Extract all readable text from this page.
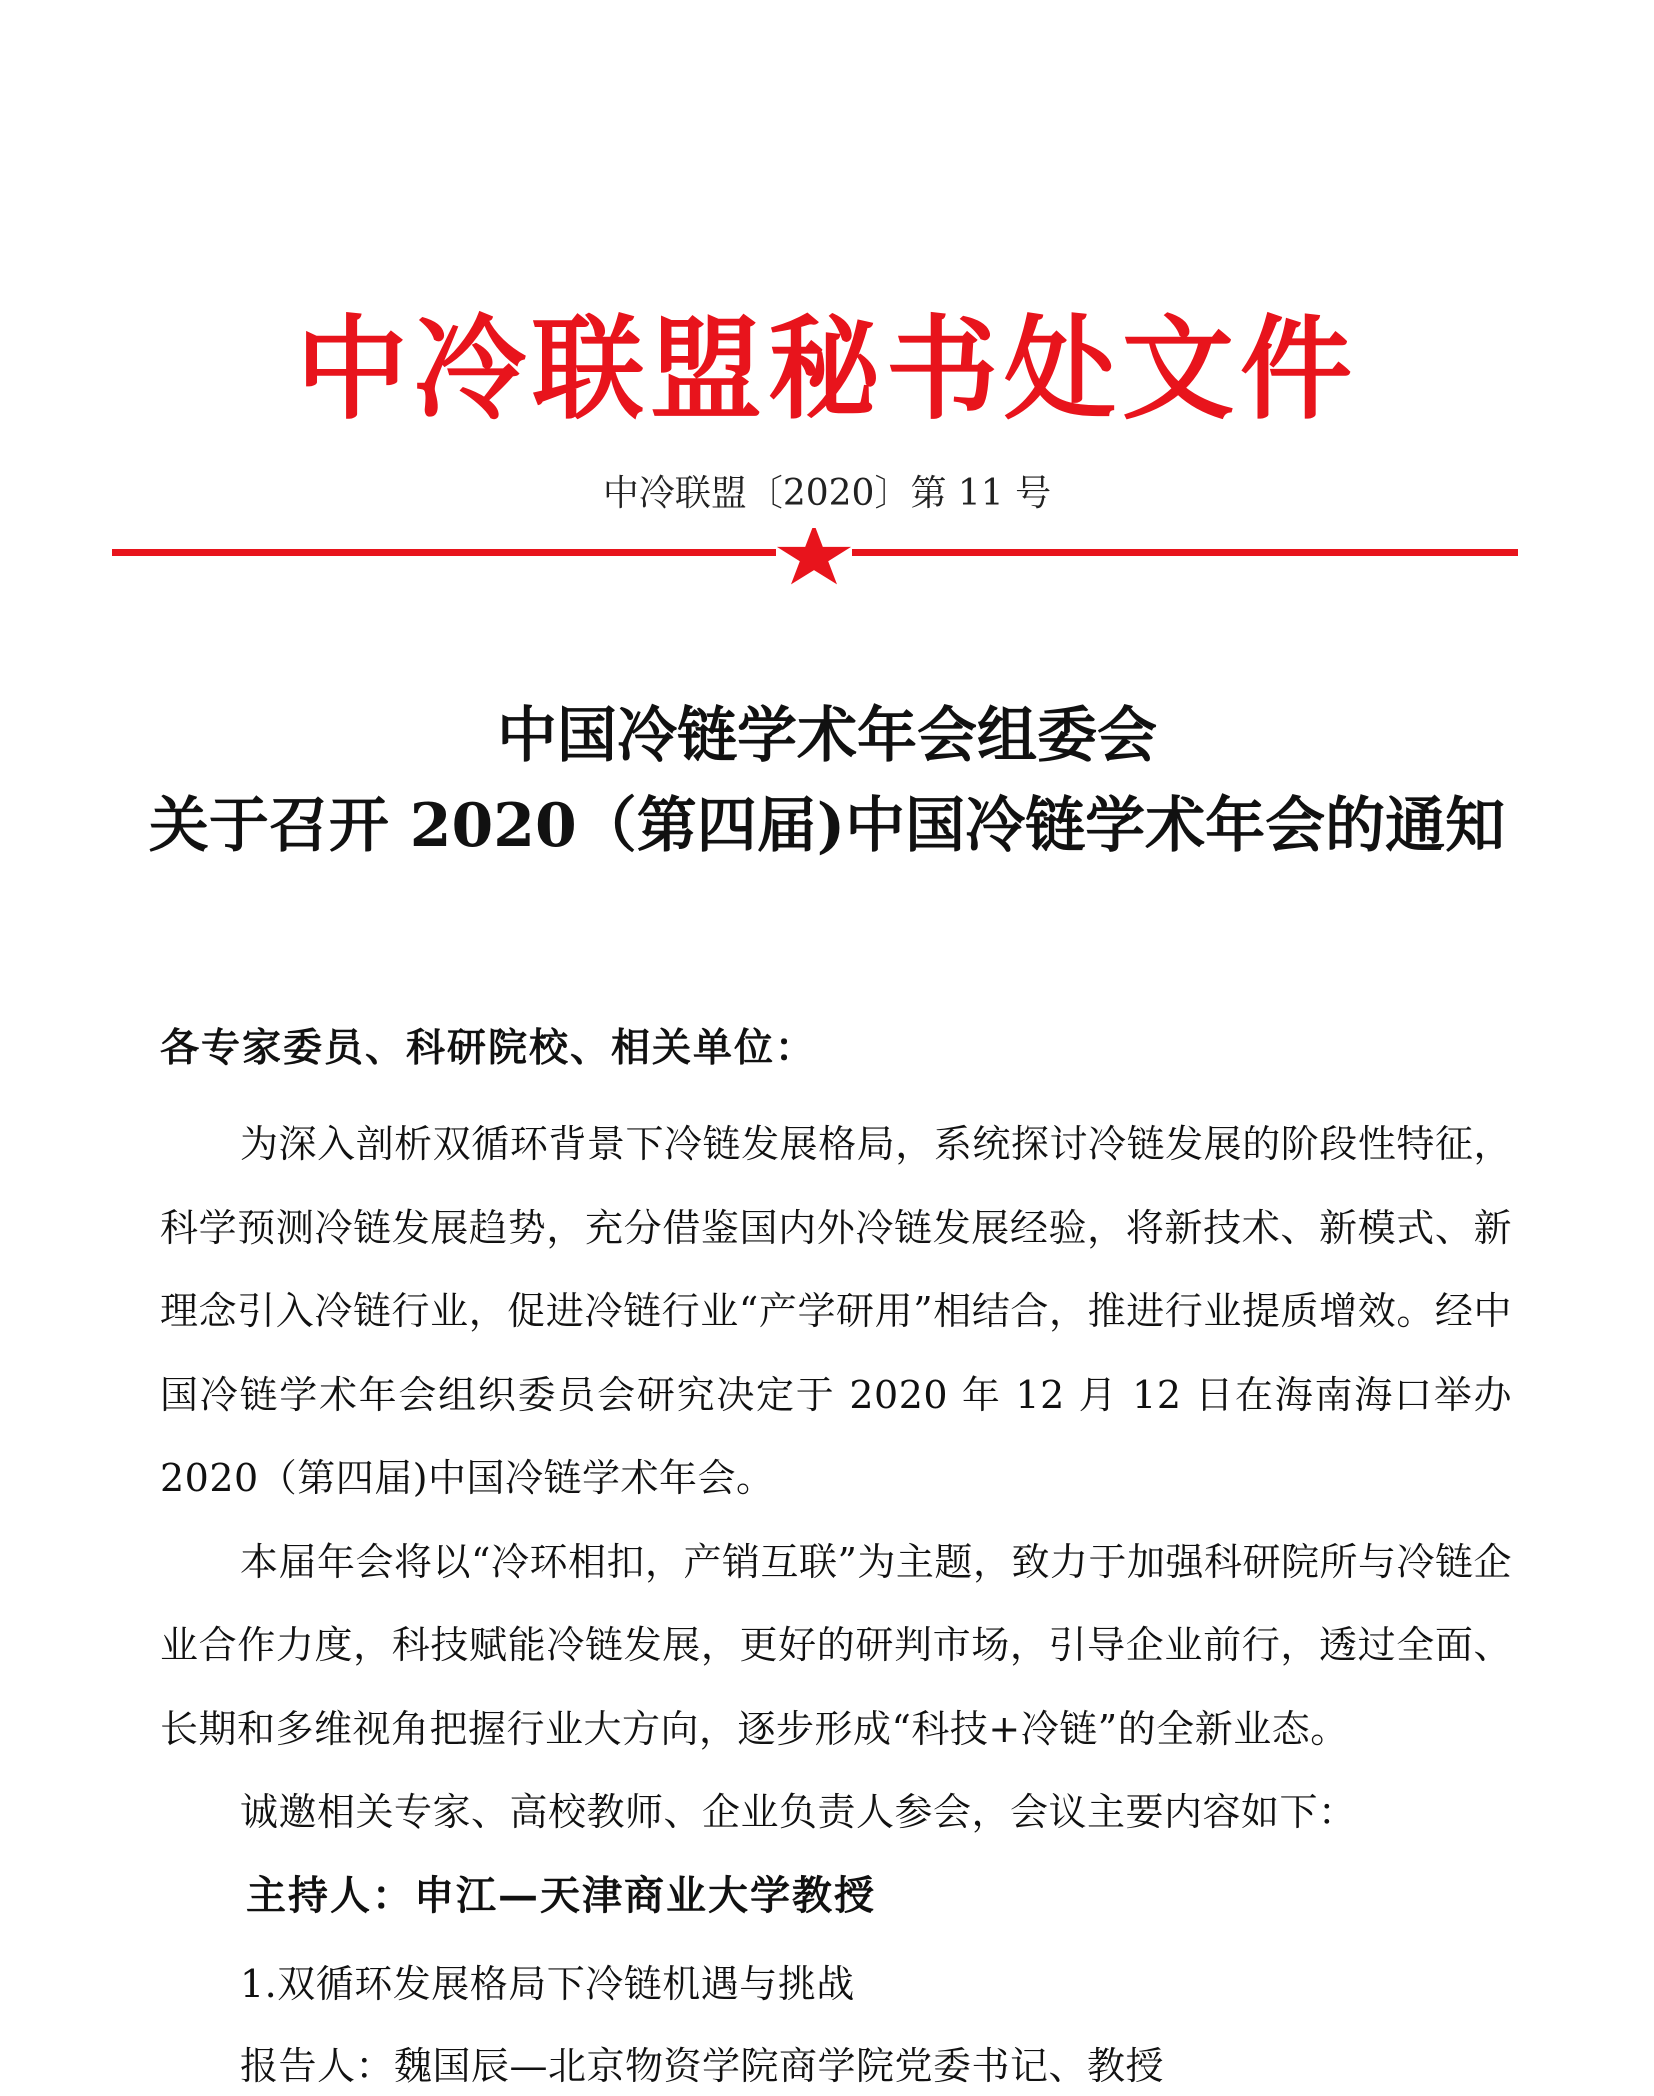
中冷联盟秘书处文件
中冷联盟〔2020〕第 11 号
中国冷链学术年会组委会
关于召开 2020（第四届)中国冷链学术年会的通知
各专家委员、科研院校、相关单位：

为深入剖析双循环背景下冷链发展格局，系统探讨冷链发展的阶段性特征，科学预测冷链发展趋势，充分借鉴国内外冷链发展经验，将新技术、新模式、新理念引入冷链行业，促进冷链行业“产学研用”相结合，推进行业提质增效。经中国冷链学术年会组织委员会研究决定于 2020 年 12 月 12 日在海南海口举办 2020（第四届)中国冷链学术年会。

本届年会将以“冷环相扣，产销互联”为主题，致力于加强科研院所与冷链企业合作力度，科技赋能冷链发展，更好的研判市场，引导企业前行，透过全面、长期和多维视角把握行业大方向，逐步形成“科技+冷链”的全新业态。

诚邀相关专家、高校教师、企业负责人参会，会议主要内容如下：

主持人：申江—天津商业大学教授
1.双循环发展格局下冷链机遇与挑战
报告人：魏国辰—北京物资学院商学院党委书记、教授
